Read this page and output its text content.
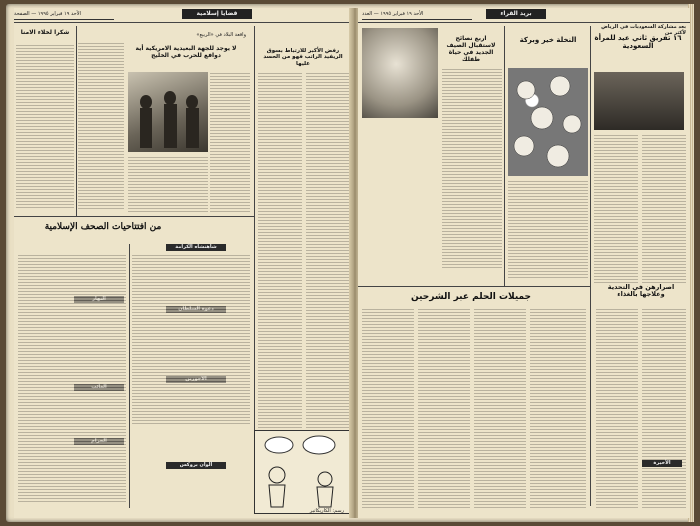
الأحد ١٩ فبراير ١٩٩٥ — الصفحة	قضايا إسلامية
شكرا لخلاء الامنا
لا يوجد للجهة البعيدية الامريكية أية دوافع للحرب في الخليج
واقعة البلاد في «الربيع»
رفض الأكبر للارتباط بسوق الريفيد الراتب فهو من الحسد عليها
من افتتاحيات الصحف الإسلامية
شاهنشاه الكرامة
ألوان بروكس
رسم: الكاريكاتير
بريد القراء
الأحد ١٩ فبراير ١٩٩٥ — العدد
بعد مشاركة السعوديات في الرياض لأكثر من
١٦ تفريق ثاني عيد للمرأة السعودية
اربع نصائح لاستقبال الصيف الجديد في حياة طفلك
النخلة خير وبركة
جميلات الحلم عبر الشرحين
اصرارهن في التحدية وعلاجها بالغذاء
الأخيرة
